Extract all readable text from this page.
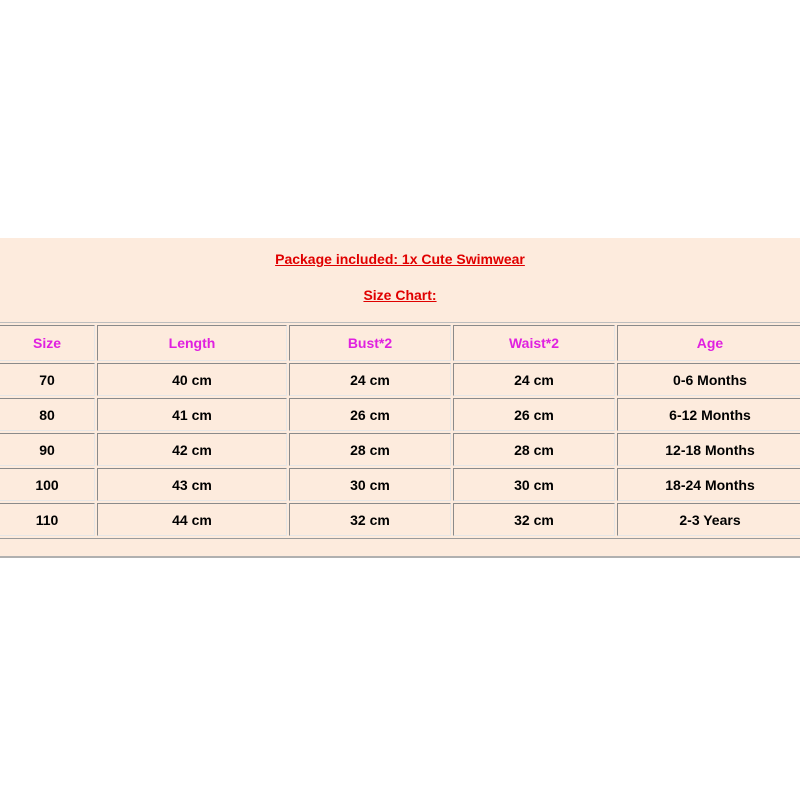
Package included: 1x Cute Swimwear
Size Chart:
Size	Length	Bust*2	Waist*2	Age
70	40 cm	24 cm	24 cm	0-6 Months
80	41 cm	26 cm	26 cm	6-12 Months
90	42 cm	28 cm	28 cm	12-18 Months
100	43 cm	30 cm	30 cm	18-24 Months
110	44 cm	32 cm	32 cm	2-3 Years
